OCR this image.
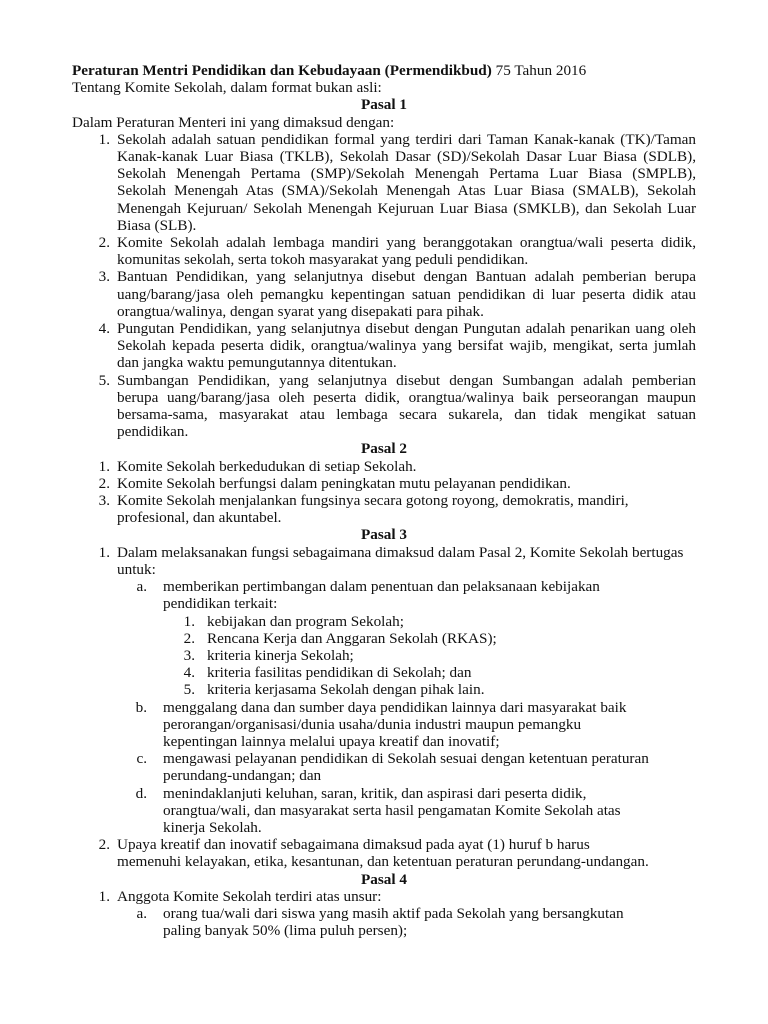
Peraturan Mentri Pendidikan dan Kebudayaan (Permendikbud) 75 Tahun 2016

Tentang Komite Sekolah, dalam format bukan asli:

Pasal 1

Dalam Peraturan Menteri ini yang dimaksud dengan:

1. Sekolah adalah satuan pendidikan formal yang terdiri dari Taman Kanak-kanak (TK)/Taman Kanak-kanak Luar Biasa (TKLB), Sekolah Dasar (SD)/Sekolah Dasar Luar Biasa (SDLB), Sekolah Menengah Pertama (SMP)/Sekolah Menengah Pertama Luar Biasa (SMPLB), Sekolah Menengah Atas (SMA)/Sekolah Menengah Atas Luar Biasa (SMALB), Sekolah Menengah Kejuruan/ Sekolah Menengah Kejuruan Luar Biasa (SMKLB), dan Sekolah Luar Biasa (SLB).
2. Komite Sekolah adalah lembaga mandiri yang beranggotakan orangtua/wali peserta didik, komunitas sekolah, serta tokoh masyarakat yang peduli pendidikan.
3. Bantuan Pendidikan, yang selanjutnya disebut dengan Bantuan adalah pemberian berupa uang/barang/jasa oleh pemangku kepentingan satuan pendidikan di luar peserta didik atau orangtua/walinya, dengan syarat yang disepakati para pihak.
4. Pungutan Pendidikan, yang selanjutnya disebut dengan Pungutan adalah penarikan uang oleh Sekolah kepada peserta didik, orangtua/walinya yang bersifat wajib, mengikat, serta jumlah dan jangka waktu pemungutannya ditentukan.
5. Sumbangan Pendidikan, yang selanjutnya disebut dengan Sumbangan adalah pemberian berupa uang/barang/jasa oleh peserta didik, orangtua/walinya baik perseorangan maupun bersama-sama, masyarakat atau lembaga secara sukarela, dan tidak mengikat satuan pendidikan.

Pasal 2

1. Komite Sekolah berkedudukan di setiap Sekolah.
2. Komite Sekolah berfungsi dalam peningkatan mutu pelayanan pendidikan.
3. Komite Sekolah menjalankan fungsinya secara gotong royong, demokratis, mandiri, profesional, dan akuntabel.

Pasal 3

1. Dalam melaksanakan fungsi sebagaimana dimaksud dalam Pasal 2, Komite Sekolah bertugas untuk:
a.	memberikan pertimbangan dalam penentuan dan pelaksanaan kebijakan pendidikan terkait:
1. kebijakan dan program Sekolah;
2. Rencana Kerja dan Anggaran Sekolah (RKAS);
3. kriteria kinerja Sekolah;
4. kriteria fasilitas pendidikan di Sekolah; dan
5. kriteria kerjasama Sekolah dengan pihak lain.
b.	menggalang dana dan sumber daya pendidikan lainnya dari masyarakat baik perorangan/organisasi/dunia usaha/dunia industri maupun pemangku kepentingan lainnya melalui upaya kreatif dan inovatif;
c.	mengawasi pelayanan pendidikan di Sekolah sesuai dengan ketentuan peraturan perundang-undangan; dan
d.	menindaklanjuti keluhan, saran, kritik, dan aspirasi dari peserta didik, orangtua/wali, dan masyarakat serta hasil pengamatan Komite Sekolah atas kinerja Sekolah.
2. Upaya kreatif dan inovatif sebagaimana dimaksud pada ayat (1) huruf b harus memenuhi kelayakan, etika, kesantunan, dan ketentuan peraturan perundang-undangan.

Pasal 4

1. Anggota Komite Sekolah terdiri atas unsur:
a.	orang tua/wali dari siswa yang masih aktif pada Sekolah yang bersangkutan paling banyak 50% (lima puluh persen);
